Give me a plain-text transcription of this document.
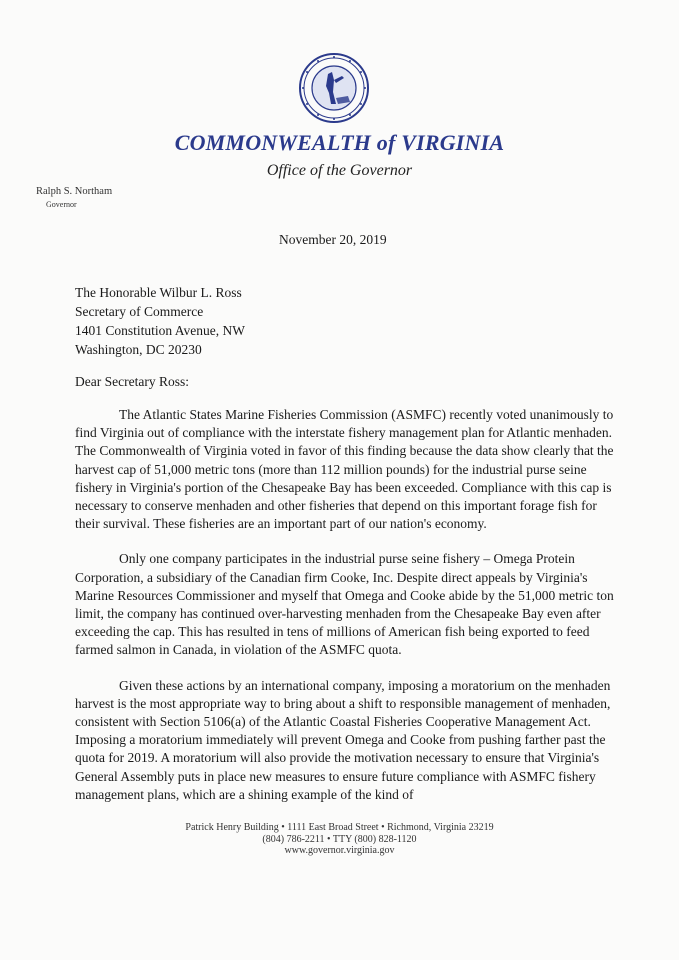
COMMONWEALTH of VIRGINIA
Office of the Governor
Ralph S. Northam
Governor
November 20, 2019
The Honorable Wilbur L. Ross
Secretary of Commerce
1401 Constitution Avenue, NW
Washington, DC 20230
Dear Secretary Ross:

The Atlantic States Marine Fisheries Commission (ASMFC) recently voted unanimously to find Virginia out of compliance with the interstate fishery management plan for Atlantic menhaden. The Commonwealth of Virginia voted in favor of this finding because the data show clearly that the harvest cap of 51,000 metric tons (more than 112 million pounds) for the industrial purse seine fishery in Virginia's portion of the Chesapeake Bay has been exceeded. Compliance with this cap is necessary to conserve menhaden and other fisheries that depend on this important forage fish for their survival. These fisheries are an important part of our nation's economy.

Only one company participates in the industrial purse seine fishery – Omega Protein Corporation, a subsidiary of the Canadian firm Cooke, Inc. Despite direct appeals by Virginia's Marine Resources Commissioner and myself that Omega and Cooke abide by the 51,000 metric ton limit, the company has continued over-harvesting menhaden from the Chesapeake Bay even after exceeding the cap. This has resulted in tens of millions of American fish being exported to feed farmed salmon in Canada, in violation of the ASMFC quota.

Given these actions by an international company, imposing a moratorium on the menhaden harvest is the most appropriate way to bring about a shift to responsible management of menhaden, consistent with Section 5106(a) of the Atlantic Coastal Fisheries Cooperative Management Act. Imposing a moratorium immediately will prevent Omega and Cooke from pushing farther past the quota for 2019. A moratorium will also provide the motivation necessary to ensure that Virginia's General Assembly puts in place new measures to ensure future compliance with ASMFC fishery management plans, which are a shining example of the kind of

Patrick Henry Building • 1111 East Broad Street • Richmond, Virginia 23219
(804) 786-2211 • TTY (800) 828-1120
www.governor.virginia.gov
